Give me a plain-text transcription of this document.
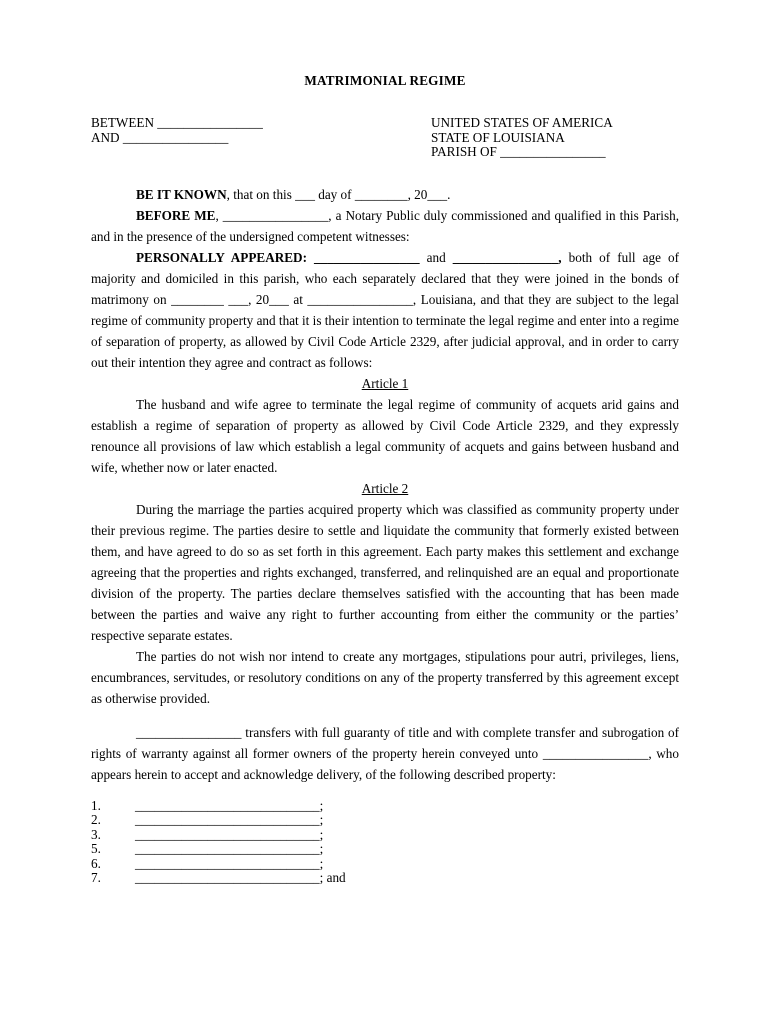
MATRIMONIAL REGIME
BETWEEN ________________
AND ________________
UNITED STATES OF AMERICA
STATE OF LOUISIANA
PARISH OF ________________

BE IT KNOWN, that on this ___ day of ________, 20___.

BEFORE ME, ________________, a Notary Public duly commissioned and qualified in this Parish, and in the presence of the undersigned competent witnesses:

PERSONALLY APPEARED: ________________ and ________________, both of full age of majority and domiciled in this parish, who each separately declared that they were joined in the bonds of matrimony on ________ ___, 20___ at ________________, Louisiana, and that they are subject to the legal regime of community property and that it is their intention to terminate the legal regime and enter into a regime of separation of property, as allowed by Civil Code Article 2329, after judicial approval, and in order to carry out their intention they agree and contract as follows:

Article 1

The husband and wife agree to terminate the legal regime of community of acquets arid gains and establish a regime of separation of property as allowed by Civil Code Article 2329, and they expressly renounce all provisions of law which establish a legal community of acquets and gains between husband and wife, whether now or later enacted.

Article 2

During the marriage the parties acquired property which was classified as community property under their previous regime. The parties desire to settle and liquidate the community that formerly existed between them, and have agreed to do so as set forth in this agreement. Each party makes this settlement and exchange agreeing that the properties and rights exchanged, transferred, and relinquished are an equal and proportionate division of the property. The parties declare themselves satisfied with the accounting that has been made between the parties and waive any right to further accounting from either the community or the parties’ respective separate estates.

The parties do not wish nor intend to create any mortgages, stipulations pour autri, privileges, liens, encumbrances, servitudes, or resolutory conditions on any of the property transferred by this agreement except as otherwise provided.

________________ transfers with full guaranty of title and with complete transfer and subrogation of rights of warranty against all former owners of the property herein conveyed unto ________________, who appears herein to accept and acknowledge delivery, of the following described property:

1.	____________________________;
2.	____________________________;
3.	____________________________;
5.	____________________________;
6.	____________________________;
7.	____________________________; and
